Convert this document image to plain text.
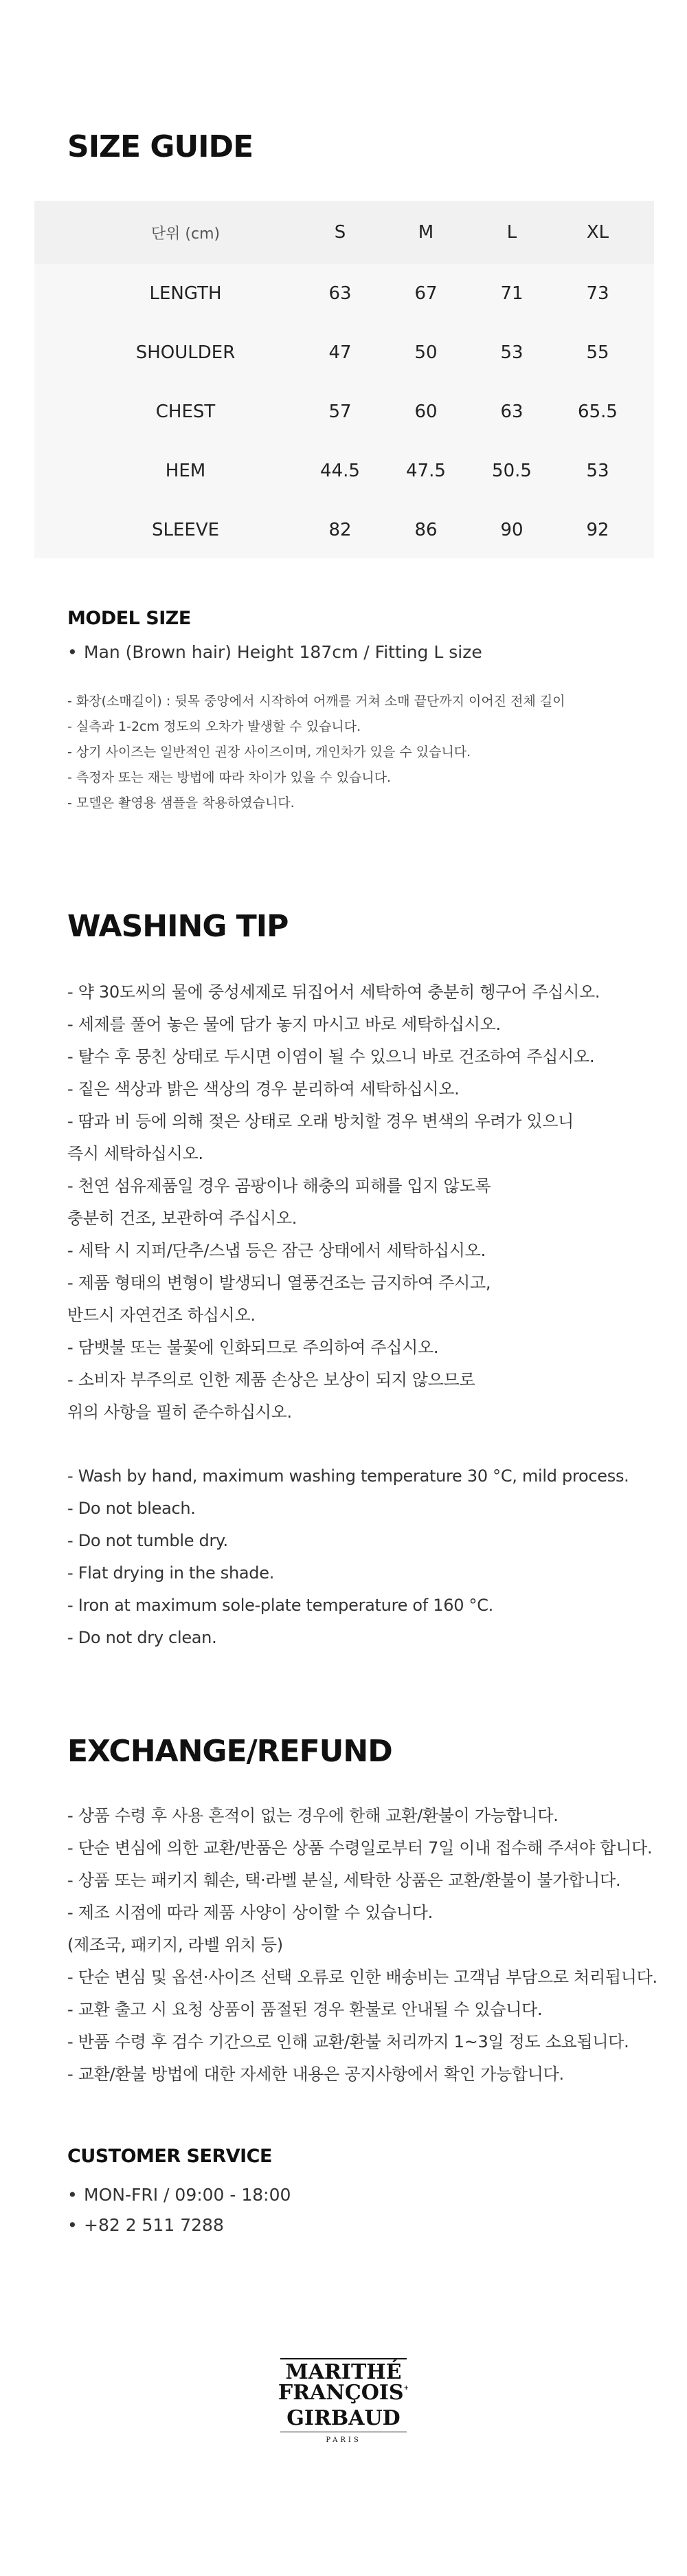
SIZE GUIDE
단위 (cm)	S	M	L	XL
LENGTH	63	67	71	73
SHOULDER	47	50	53	55
CHEST	57	60	63	65.5
HEM	44.5	47.5	50.5	53
SLEEVE	82	86	90	92
MODEL SIZE
• Man (Brown hair) Height 187cm / Fitting L size
- 화장(소매길이) : 뒷목 중앙에서 시작하여 어깨를 거쳐 소매 끝단까지 이어진 전체 길이
- 실측과 1-2cm 정도의 오차가 발생할 수 있습니다.
- 상기 사이즈는 일반적인 권장 사이즈이며, 개인차가 있을 수 있습니다.
- 측정자 또는 재는 방법에 따라 차이가 있을 수 있습니다.
- 모델은 촬영용 샘플을 착용하였습니다.
WASHING TIP
- 약 30도씨의 물에 중성세제로 뒤집어서 세탁하여 충분히 헹구어 주십시오.
- 세제를 풀어 놓은 물에 담가 놓지 마시고 바로 세탁하십시오.
- 탈수 후 뭉친 상태로 두시면 이염이 될 수 있으니 바로 건조하여 주십시오.
- 짙은 색상과 밝은 색상의 경우 분리하여 세탁하십시오.
- 땀과 비 등에 의해 젖은 상태로 오래 방치할 경우 변색의 우려가 있으니
즉시 세탁하십시오.
- 천연 섬유제품일 경우 곰팡이나 해충의 피해를 입지 않도록
충분히 건조, 보관하여 주십시오.
- 세탁 시 지퍼/단추/스냅 등은 잠근 상태에서 세탁하십시오.
- 제품 형태의 변형이 발생되니 열풍건조는 금지하여 주시고,
반드시 자연건조 하십시오.
- 담뱃불 또는 불꽃에 인화되므로 주의하여 주십시오.
- 소비자 부주의로 인한 제품 손상은 보상이 되지 않으므로
위의 사항을 필히 준수하십시오.
- Wash by hand, maximum washing temperature 30 °C, mild process.
- Do not bleach.
- Do not tumble dry.
- Flat drying in the shade.
- Iron at maximum sole-plate temperature of 160 °C.
- Do not dry clean.
EXCHANGE/REFUND
- 상품 수령 후 사용 흔적이 없는 경우에 한해 교환/환불이 가능합니다.
- 단순 변심에 의한 교환/반품은 상품 수령일로부터 7일 이내 접수해 주셔야 합니다.
- 상품 또는 패키지 훼손, 택·라벨 분실, 세탁한 상품은 교환/환불이 불가합니다.
- 제조 시점에 따라 제품 사양이 상이할 수 있습니다.
(제조국, 패키지, 라벨 위치 등)
- 단순 변심 및 옵션·사이즈 선택 오류로 인한 배송비는 고객님 부담으로 처리됩니다.
- 교환 출고 시 요청 상품이 품절된 경우 환불로 안내될 수 있습니다.
- 반품 수령 후 검수 기간으로 인해 교환/환불 처리까지 1~3일 정도 소요됩니다.
- 교환/환불 방법에 대한 자세한 내용은 공지사항에서 확인 가능합니다.
CUSTOMER SERVICE
• MON-FRI / 09:00 - 18:00
• +82 2 511 7288
MARITHÉ
FRANÇOIS+
GIRBAUD
PARIS
